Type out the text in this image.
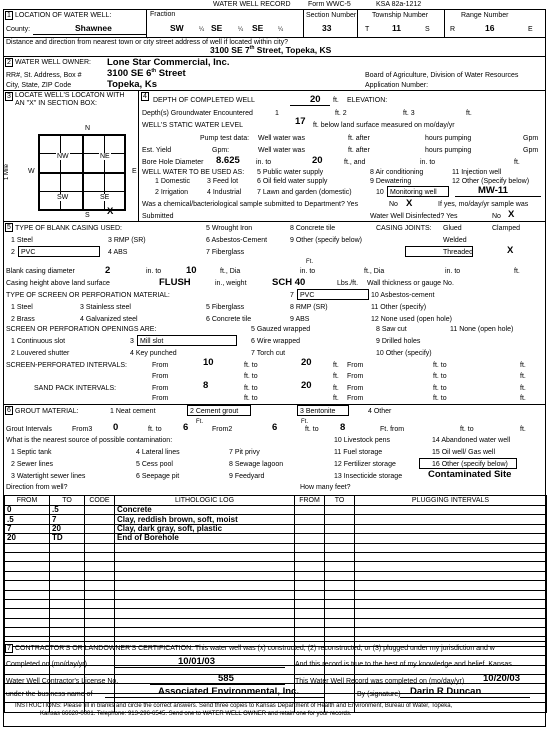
WATER WELL RECORD Form WWC-5	KSA 82a-1212
1 LOCATION OF WATER WELL:
County:	Shawnee
Fraction
SW	¼ SE	¼ SE ¼
Section Number
33
Township Number
T	11	S
Range Number
R	16	E
Distance and direction from nearest town or city street address of well if located within city?
3100 SE 7th Street, Topeka, KS
2 WATER WELL OWNER: Lone Star Commercial, Inc.
RR#, St. Address, Box #	3100 SE 6th Street	Board of Agriculture, Division of Water Resources
City, State, ZIP Code	Topeka, Ks	Application Number:
3 LOCATE WELL'S LOCATON WITH AN "X" IN SECTION BOX:
N
S
W	E
1 Mile
NW	NE
SW	SE
X
4
DEPTH OF COMPLETED WELL	20 ft. ELEVATION:
Depth(s) Groundwater Encountered	1	ft. 2	ft. 3	ft.
WELL'S STATIC WATER LEVEL	17 ft. below land surface measured on mo/day/yr
Pump test data: Well water was	ft. after	hours pumping	Gpm
Est. Yield	Gpm:	Well water was	ft. after	hours pumping	Gpm
Bore Hole Diameter 8.625 in. to	20	ft., and	in. to	ft.
WELL WATER TO BE USED AS: 5 Public water supply	8 Air conditioning	11 Injection well
1 Domestic 3 Feed lot	6 Oil field water supply	9 Dewatering	12 Other (Specify below)
2 Irrigation	4 Industrial 7 Lawn and garden (domestic)	10 Monitoring well	MW-11
Was a chemical/bacteriological sample submitted to Department? Yes	No X	If yes, mo/day/yr sample was
Submitted	Water Well Disinfected? Yes	No X
5 TYPE OF BLANK CASING USED:	5 Wrought Iron	8 Concrete tile	CASING JOINTS: Glued	Clamped
1 Steel	3 RMP (SR)	6 Asbestos-Cement	9 Other (specify below)	Welded
2 PVC	4 ABS	7 Fiberglass	Threaded	X
Ft.
Blank casing diameter	2	in. to	10	ft., Dia	in. to	ft., Dia	in. to	ft.
Casing height above land surface	FLUSH	in., weight	SCH 40	Lbs./ft. Wall thickness or gauge No.
TYPE OF SCREEN OR PERFORATION MATERIAL:	7 PVC	10 Asbestos-cement
1 Steel	3 Stainless steel	5 Fiberglass	8 RMP (SR)	11 Other (specify)
2 Brass	4 Galvanized steel	6 Concrete tile	9 ABS	12 None used (open hole)
SCREEN OR PERFORATION OPENINGS ARE:	5 Gauzed wrapped	8 Saw cut	11 None (open hole)
1 Continuous slot	3 Mill slot	6 Wire wrapped	9 Drilled holes
2 Louvered shutter	4 Key punched	7 Torch cut	10 Other (specify)
SCREEN-PERFORATED INTERVALS:	From	10	ft. to	20	ft. From	ft. to	ft.
From	ft. to	ft. From	ft. to	ft.
SAND PACK INTERVALS:	From	8	ft. to	20	ft. From	ft. to	ft.
From	ft. to	ft. From	ft. to	ft.
6 GROUT MATERIAL:	1 Neat cement	2 Cement grout	3 Bentonite	4 Other
Ft.	Ft.
Grout Intervals	From3 0	ft. to 6	From2	6	ft. to 8	Ft. from	ft. to	ft.
What is the nearest source of possible contamination:	10 Livestock pens	14 Abandoned water well
1 Septic tank	4 Lateral lines	7 Pit privy	11 Fuel storage	15 Oil well/ Gas well
2 Sewer lines	5 Cess pool	8 Sewage lagoon	12 Fertilizer storage	16 Other (specify below)
3 Watertight sewer lines	6 Seepage pit	9 Feedyard	13 Insecticide storage	Contaminated Site
Direction from well?	How many feet?
FROM	TO	CODE	LITHOLOGIC LOG	FROM	TO	PLUGGING INTERVALS
0	.5		Concrete			
.5	7		Clay, reddish brown, soft, moist			
7	20		Clay, dark gray, soft, plastic			
20	TD		End of Borehole			

7 CONTRACTOR'S OR LANDOWNER'S CERTIFICATION: This water well was (x) constructed, (2) reconstructed, or (3) plugged under my jurisdiction and w
Completed on (mo/day/yr)	10/01/03	And this record is true to the best of my knowledge and belief. Kansas
Water Well Contractor's License No.	585	This Water Well Record was completed on (mo/day/yr) 10/20/03
under the business name of	Associated Environmental, Inc.	By (signature) Darin R Duncan
INSTRUCTIONS: Please fill in blanks and circle the correct answers. Send three copies to Kansas Department of Health and Environment, Bureau of Water, Topeka,
Kansas 66620-0001. Telephone: 913-296-6545. Send one to WATER WELL OWNER and retain one for your records.
